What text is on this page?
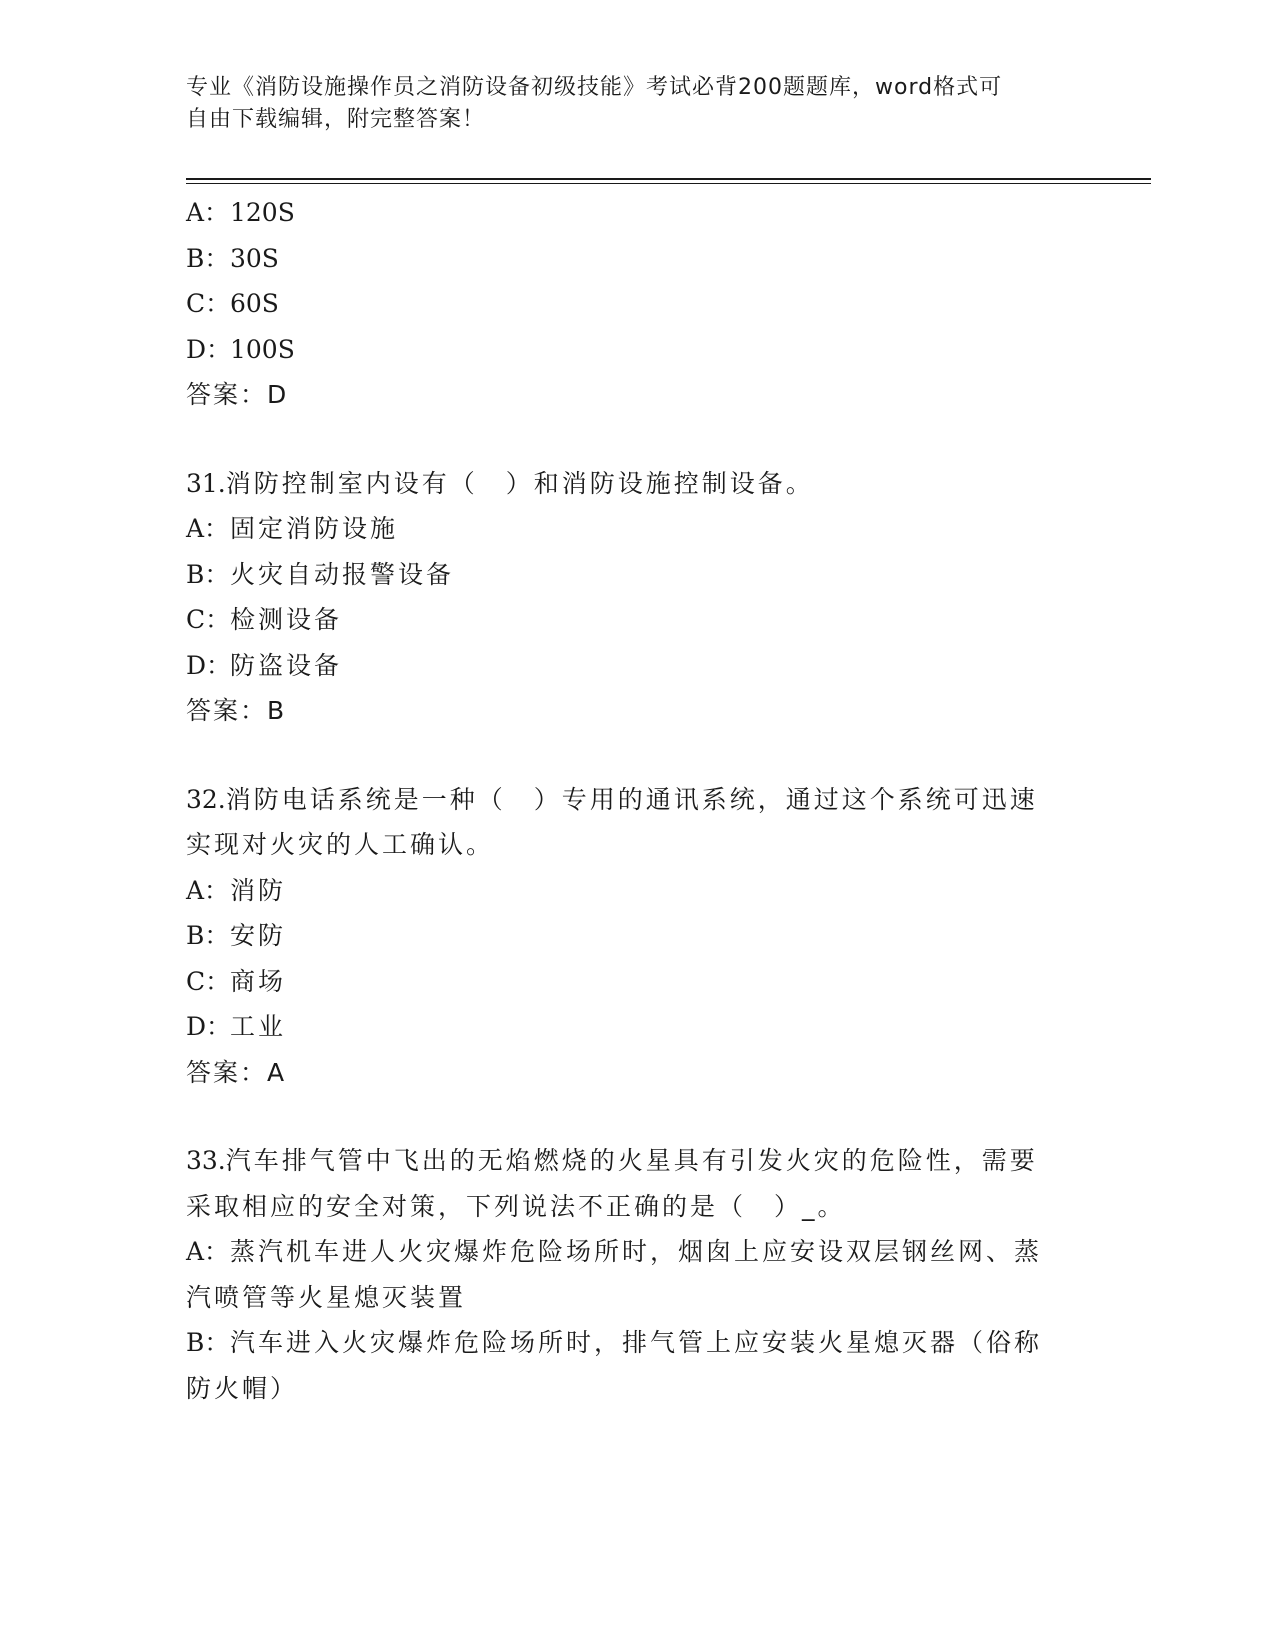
专业《消防设施操作员之消防设备初级技能》考试必背200题题库，word格式可
自由下载编辑，附完整答案！
A：120S
B：30S
C：60S
D：100S
答案：D
31.消防控制室内设有（　）和消防设施控制设备。
A：固定消防设施
B：火灾自动报警设备
C：检测设备
D：防盗设备
答案：B
32.消防电话系统是一种（　）专用的通讯系统，通过这个系统可迅速
实现对火灾的人工确认。
A：消防
B：安防
C：商场
D：工业
答案：A
33.汽车排气管中飞出的无焰燃烧的火星具有引发火灾的危险性，需要
采取相应的安全对策，下列说法不正确的是（　）_。
A：蒸汽机车进人火灾爆炸危险场所时，烟囱上应安设双层钢丝网、蒸
汽喷管等火星熄灭装置
B：汽车进入火灾爆炸危险场所时，排气管上应安装火星熄灭器（俗称
防火帽）
